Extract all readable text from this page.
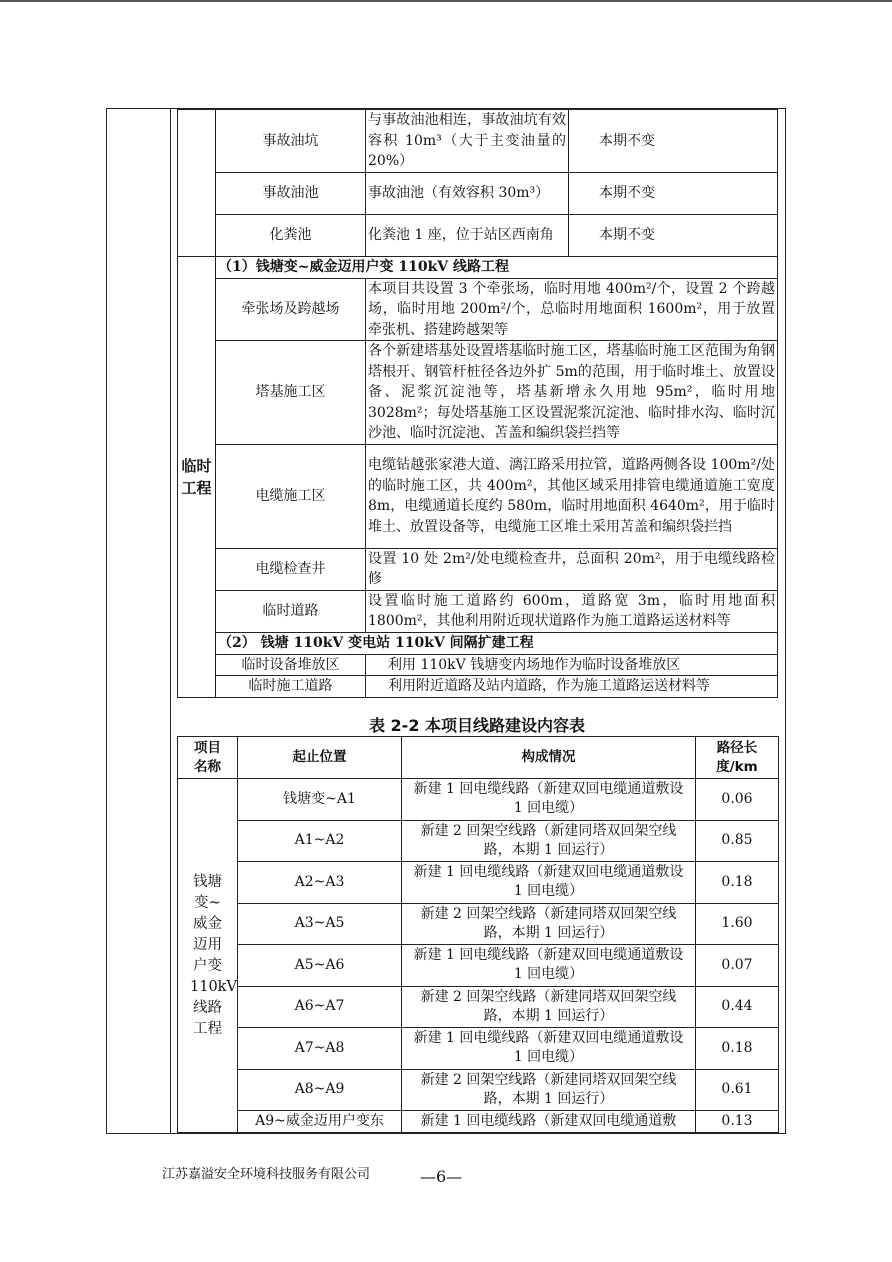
	事故油坑	与事故油池相连，事故油坑有效容积 10m³（大于主变油量的 20%）	本期不变
	事故油池	事故油池（有效容积 30m³）	本期不变
	化粪池	化粪池 1 座，位于站区西南角	本期不变
临时工程	（1）钱塘变~威金迈用户变 110kV 线路工程		
	牵张场及跨越场	本项目共设置 3 个牵张场，临时用地 400m²/个，设置 2 个跨越场，临时用地 200m²/个，总临时用地面积 1600m²，用于放置牵张机、搭建跨越架等	
	塔基施工区	各个新建塔基处设置塔基临时施工区，塔基临时施工区范围为角钢塔根开、钢管杆桩径各边外扩 5m的范围，用于临时堆土、放置设备、泥浆沉淀池等，塔基新增永久用地 95m²，临时用地 3028m²；每处塔基施工区设置泥浆沉淀池、临时排水沟、临时沉沙池、临时沉淀池、苫盖和编织袋拦挡等	
	电缆施工区	电缆钻越张家港大道、漓江路采用拉管，道路两侧各设 100m²/处的临时施工区，共 400m²，其他区域采用排管电缆通道施工宽度 8m，电缆通道长度约 580m，临时用地面积 4640m²，用于临时堆土、放置设备等，电缆施工区堆土采用苫盖和编织袋拦挡	
	电缆检查井	设置 10 处 2m²/处电缆检查井，总面积 20m²，用于电缆线路检修	
	临时道路	设置临时施工道路约 600m，道路宽 3m，临时用地面积 1800m²，其他利用附近现状道路作为施工道路运送材料等	
	（2） 钱塘 110kV 变电站 110kV 间隔扩建工程		
	临时设备堆放区	利用 110kV 钱塘变内场地作为临时设备堆放区	
	临时施工道路	利用附近道路及站内道路，作为施工道路运送材料等	
表 2-2 本项目线路建设内容表
项目名称	起止位置	构成情况	路径长度/km
钱塘变~威金迈用户变110kV线路工程	钱塘变~A1	新建 1 回电缆线路（新建双回电缆通道敷设 1 回电缆）	0.06
	A1~A2	新建 2 回架空线路（新建同塔双回架空线路，本期 1 回运行）	0.85
	A2~A3	新建 1 回电缆线路（新建双回电缆通道敷设 1 回电缆）	0.18
	A3~A5	新建 2 回架空线路（新建同塔双回架空线路，本期 1 回运行）	1.60
	A5~A6	新建 1 回电缆线路（新建双回电缆通道敷设 1 回电缆）	0.07
	A6~A7	新建 2 回架空线路（新建同塔双回架空线路，本期 1 回运行）	0.44
	A7~A8	新建 1 回电缆线路（新建双回电缆通道敷设 1 回电缆）	0.18
	A8~A9	新建 2 回架空线路（新建同塔双回架空线路，本期 1 回运行）	0.61
	A9~威金迈用户变东	新建 1 回电缆线路（新建双回电缆通道敷	0.13
江苏嘉溢安全环境科技服务有限公司	—6—
